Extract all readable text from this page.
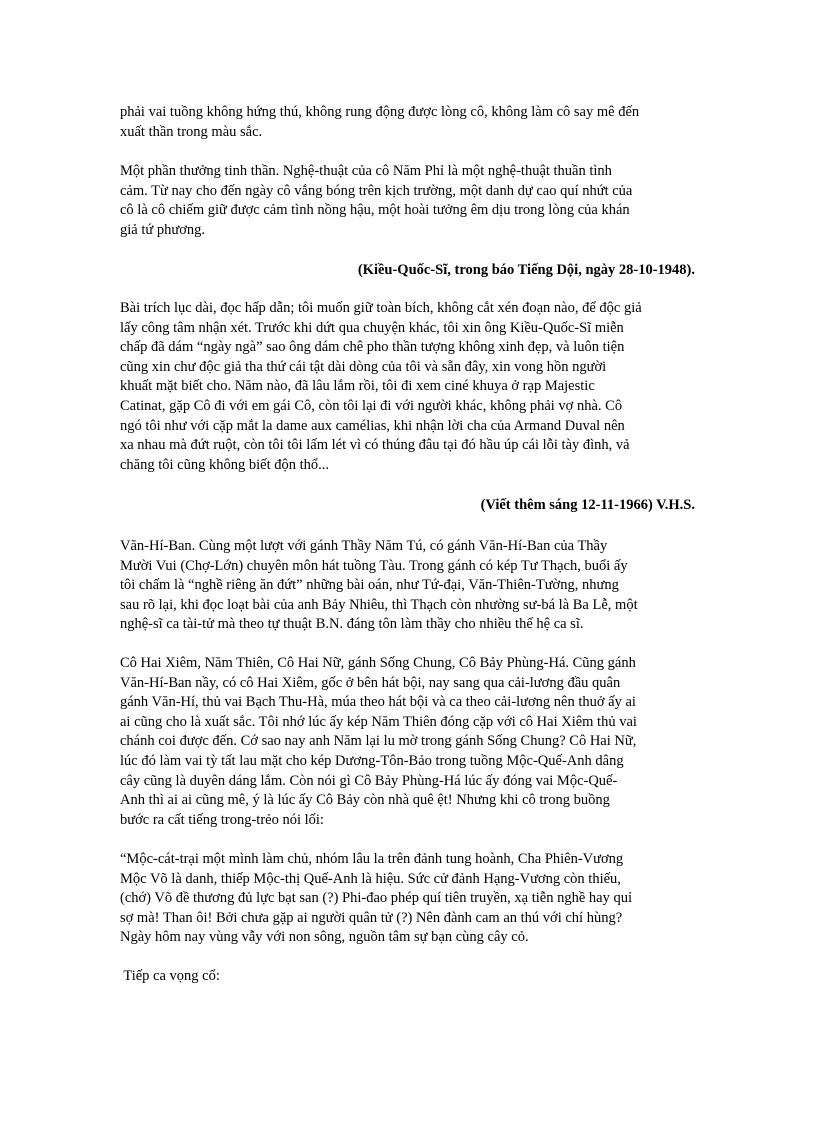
phải vai tuồng không hứng thú, không rung động được lòng cô, không làm cô say mê đến
xuất thần trong màu sắc.
Một phần thưởng tinh thần. Nghệ-thuật của cô Năm Phỉ là một nghệ-thuật thuần tình
cảm. Từ nay cho đến ngày cô vắng bóng trên kịch trường, một danh dự cao quí nhứt của
cô là cô chiếm giữ được cảm tình nồng hậu, một hoài tưởng êm dịu trong lòng của khán
giả tứ phương.

(Kiều-Quốc-Sĩ, trong báo Tiếng Dội, ngày 28-10-1948).

Bài trích lục dài, đọc hấp dẫn; tôi muốn giữ toàn bích, không cắt xén đoạn nào, để độc giả
lấy công tâm nhận xét. Trước khi dứt qua chuyện khác, tôi xin ông Kiều-Quốc-Sĩ miễn
chấp đã dám “ngày ngà” sao ông dám chê pho thần tượng không xinh đẹp, và luôn tiện
cũng xin chư độc giả tha thứ cái tật dài dòng của tôi và sẵn đây, xin vong hồn người
khuất mặt biết cho. Năm nào, đã lâu lắm rồi, tôi đi xem ciné khuya ở rạp Majestic
Catinat, gặp Cô đi với em gái Cô, còn tôi lại đi với người khác, không phải vợ nhà. Cô
ngó tôi như với cặp mắt la dame aux camélias, khi nhận lời cha của Armand Duval nên
xa nhau mà đứt ruột, còn tôi tôi lấm lét vì có thúng đâu tại đó hầu úp cái lỗi tày đình, vả
chăng tôi cũng không biết độn thổ...

(Viết thêm sáng 12-11-1966) V.H.S.

Văn-Hí-Ban. Cùng một lượt với gánh Thầy Năm Tú, có gánh Văn-Hí-Ban của Thầy
Mười Vui (Chợ-Lớn) chuyên môn hát tuồng Tàu. Trong gánh có kép Tư Thạch, buổi ấy
tôi chấm là “nghề riêng ăn đứt” những bài oán, như Tứ-đại, Văn-Thiên-Tường, nhưng
sau rõ lại, khi đọc loạt bài của anh Bảy Nhiêu, thì Thạch còn nhường sư-bá là Ba Lễ, một
nghệ-sĩ ca tài-tử mà theo tự thuật B.N. đáng tôn làm thầy cho nhiều thế hệ ca sĩ.
Cô Hai Xiêm, Năm Thiên, Cô Hai Nữ, gánh Sống Chung, Cô Bảy Phùng-Há. Cũng gánh
Văn-Hí-Ban nầy, có cô Hai Xiêm, gốc ở bên hát bội, nay sang qua cải-lương đầu quân
gánh Văn-Hí, thủ vai Bạch Thu-Hà, múa theo hát bội và ca theo cải-lương nên thuở ấy ai
ai cũng cho là xuất sắc. Tôi nhớ lúc ấy kép Năm Thiên đóng cặp với cô Hai Xiêm thủ vai
chánh coi được đến. Cớ sao nay anh Năm lại lu mờ trong gánh Sống Chung? Cô Hai Nữ,
lúc đó làm vai tỳ tất lau mặt cho kép Dương-Tôn-Bảo trong tuồng Mộc-Quế-Anh dâng
cây cũng là duyên dáng lắm. Còn nói gì Cô Bảy Phùng-Há lúc ấy đóng vai Mộc-Quế-
Anh thì ai ai cũng mê, ý là lúc ấy Cô Bảy còn nhà quê ệt! Nhưng khi cô trong buồng
bước ra cất tiếng trong-trẻo nói lối:
“Mộc-cát-trại một mình làm chủ, nhóm lâu la trên đảnh tung hoành, Cha Phiên-Vương
Mộc Võ là danh, thiếp Mộc-thị Quế-Anh là hiệu. Sức cử đảnh Hạng-Vương còn thiếu,
(chớ) Võ đề thương đủ lực bạt san (?) Phi-đao phép quí tiên truyền, xạ tiễn nghề hay quỉ
sợ mà! Than ôi! Bởi chưa gặp ai người quân tử (?) Nên đành cam an thú với chí hùng?
Ngày hôm nay vùng vẫy với non sông, nguồn tâm sự bạn cùng cây cỏ.
Tiếp ca vọng cổ:
